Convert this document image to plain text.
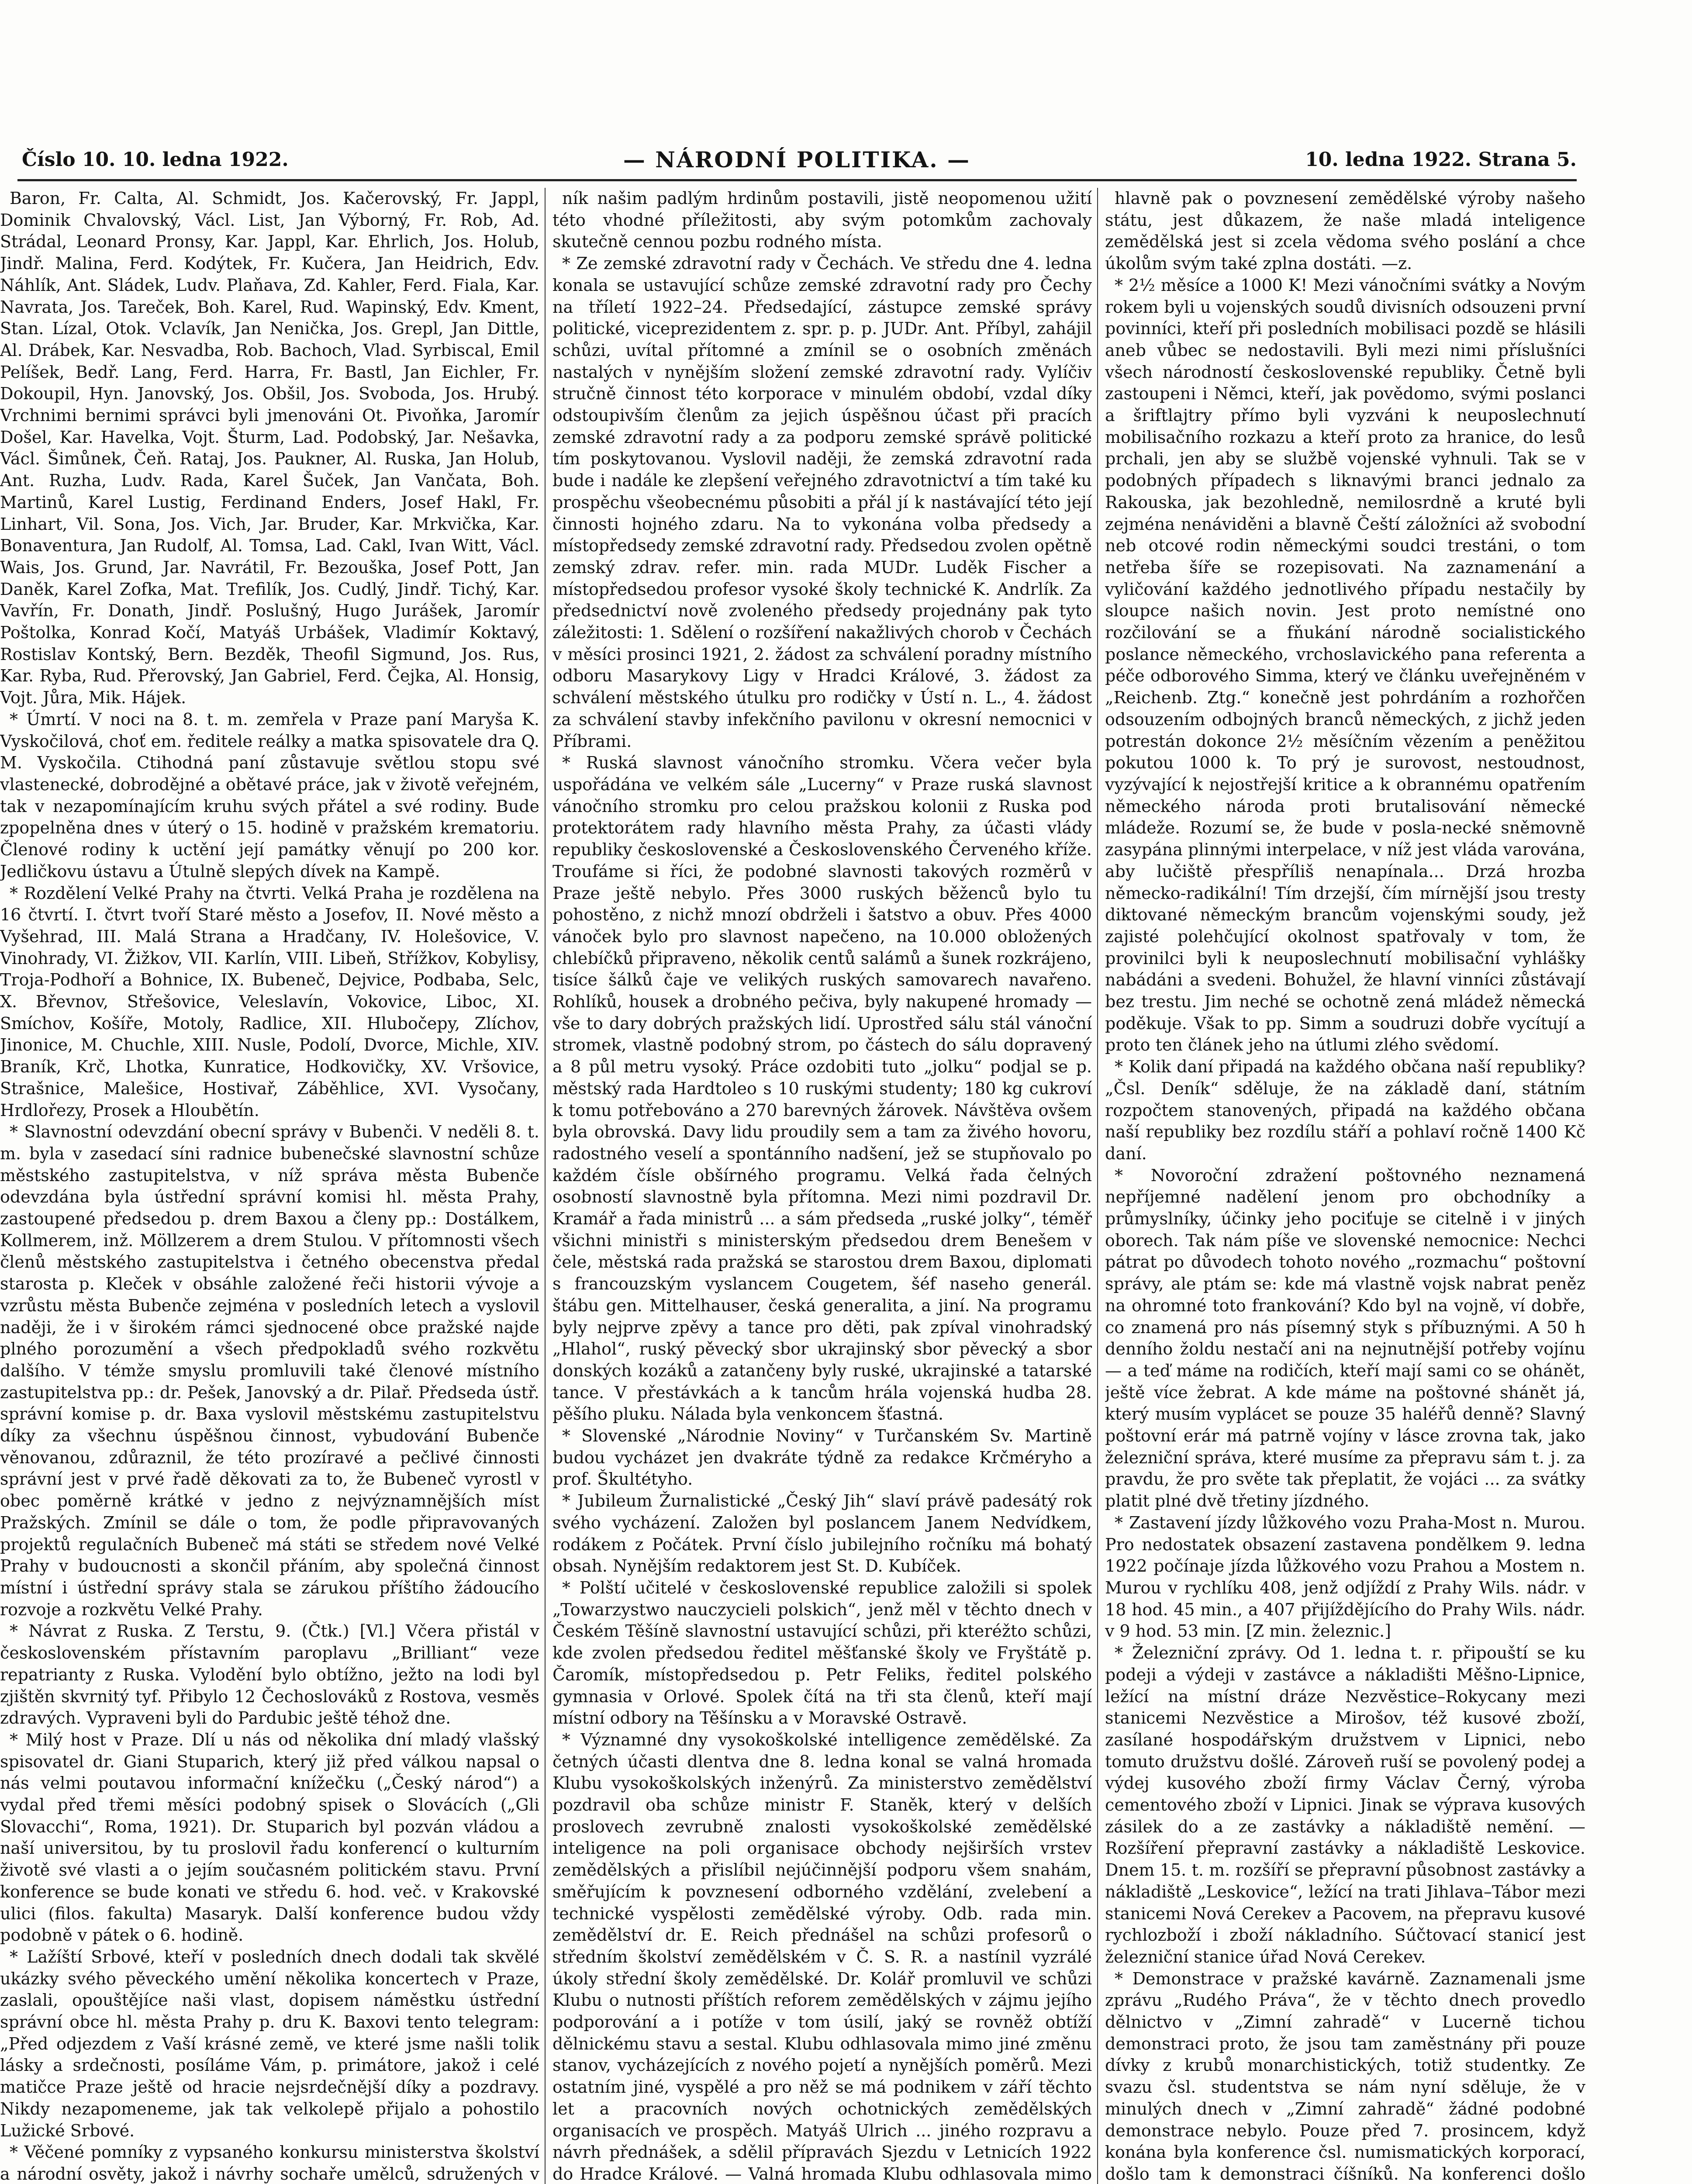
Číslo 10. 10. ledna 1922.	— NÁRODNÍ POLITIKA. —	10. ledna 1922. Strana 5.

Baron, Fr. Calta, Al. Schmidt, Jos. Kačerovský, Fr. Jappl, Dominik Chvalovský, Václ. List, Jan Výborný, Fr. Rob, Ad. Strádal, Leonard Pronsy, Kar. Jappl, Kar. Ehrlich, Jos. Holub, Jindř. Malina, Ferd. Kodýtek, Fr. Kučera, Jan Heidrich, Edv. Náhlík, Ant. Sládek, Ludv. Plaňava, Zd. Kahler, Ferd. Fiala, Kar. Navrata, Jos. Tareček, Boh. Karel, Rud. Wapinský, Edv. Kment, Stan. Lízal, Otok. Vclavík, Jan Nenička, Jos. Grepl, Jan Dittle, Al. Drábek, Kar. Nesvadba, Rob. Bachoch, Vlad. Syrbiscal, Emil Pelíšek, Bedř. Lang, Ferd. Harra, Fr. Bastl, Jan Eichler, Fr. Dokoupil, Hyn. Janovský, Jos. Obšil, Jos. Svoboda, Jos. Hrubý. Vrchnimi bernimi správci byli jmenováni Ot. Pivoňka, Jaromír Došel, Kar. Havelka, Vojt. Šturm, Lad. Podobský, Jar. Nešavka, Václ. Šimůnek, Čeň. Rataj, Jos. Paukner, Al. Ruska, Jan Holub, Ant. Ruzha, Ludv. Rada, Karel Šuček, Jan Vančata, Boh. Martinů, Karel Lustig, Ferdinand Enders, Josef Hakl, Fr. Linhart, Vil. Sona, Jos. Vich, Jar. Bruder, Kar. Mrkvička, Kar. Bonaventura, Jan Rudolf, Al. Tomsa, Lad. Cakl, Ivan Witt, Václ. Wais, Jos. Grund, Jar. Navrátil, Fr. Bezouška, Josef Pott, Jan Daněk, Karel Zofka, Mat. Trefilík, Jos. Cudlý, Jindř. Tichý, Kar. Vavřín, Fr. Donath, Jindř. Poslušný, Hugo Jurášek, Jaromír Poštolka, Konrad Kočí, Matyáš Urbášek, Vladimír Koktavý, Rostislav Kontský, Bern. Bezděk, Theofil Sigmund, Jos. Rus, Kar. Ryba, Rud. Přerovský, Jan Gabriel, Ferd. Čejka, Al. Honsig, Vojt. Jůra, Mik. Hájek.

* Úmrtí. V noci na 8. t. m. zemřela v Praze paní Maryša K. Vyskočilová, choť em. ředitele reálky a matka spisovatele dra Q. M. Vyskočila. Ctihodná paní zůstavuje světlou stopu své vlastenecké, dobrodějné a obětavé práce, jak v životě veřejném, tak v nezapomínajícím kruhu svých přátel a své rodiny. Bude zpopelněna dnes v úterý o 15. hodině v pražském krematoriu. Členové rodiny k uctění její památky věnují po 200 kor. Jedličkovu ústavu a Útulně slepých dívek na Kampě.

* Rozdělení Velké Prahy na čtvrti. Velká Praha je rozdělena na 16 čtvrtí. I. čtvrt tvoří Staré město a Josefov, II. Nové město a Vyšehrad, III. Malá Strana a Hradčany, IV. Holešovice, V. Vinohrady, VI. Žižkov, VII. Karlín, VIII. Libeň, Střížkov, Kobylisy, Troja-Podhoří a Bohnice, IX. Bubeneč, Dejvice, Podbaba, Selc, X. Břevnov, Střešovice, Veleslavín, Vokovice, Liboc, XI. Smíchov, Košíře, Motoly, Radlice, XII. Hlubočepy, Zlíchov, Jinonice, M. Chuchle, XIII. Nusle, Podolí, Dvorce, Michle, XIV. Braník, Krč, Lhotka, Kunratice, Hodkovičky, XV. Vršovice, Strašnice, Malešice, Hostivař, Záběhlice, XVI. Vysočany, Hrdlořezy, Prosek a Hloubětín.

* Slavnostní odevzdání obecní správy v Bubenči. V neděli 8. t. m. byla v zasedací síni radnice bubenečské slavnostní schůze městského zastupitelstva, v níž správa města Bubenče odevzdána byla ústřední správní komisi hl. města Prahy, zastoupené předsedou p. drem Baxou a členy pp.: Dostálkem, Kollmerem, inž. Möllzerem a drem Stulou. V přítomnosti všech členů městského zastupitelstva i četného obecenstva předal starosta p. Kleček v obsáhle založené řeči historii vývoje a vzrůstu města Bubenče zejména v posledních letech a vyslovil naději, že i v širokém rámci sjednocené obce pražské najde plného porozumění a všech předpokladů svého rozkvětu dalšího. V témže smyslu promluvili také členové místního zastupitelstva pp.: dr. Pešek, Janovský a dr. Pilař. Předseda ústř. správní komise p. dr. Baxa vyslovil městskému zastupitelstvu díky za všechnu úspěšnou činnost, vybudování Bubenče věnovanou, zdůraznil, že této prozíravé a pečlivé činnosti správní jest v prvé řadě děkovati za to, že Bubeneč vyrostl v obec poměrně krátké v jedno z nejvýznamnějších míst Pražských. Zmínil se dále o tom, že podle připravovaných projektů regulačních Bubeneč má státi se středem nové Velké Prahy v budoucnosti a skončil přáním, aby společná činnost místní i ústřední správy stala se zárukou příštího žádoucího rozvoje a rozkvětu Velké Prahy.

* Návrat z Ruska. Z Terstu, 9. (Čtk.) [Vl.] Včera přistál v československém přístavním paroplavu „Brilliant“ veze repatrianty z Ruska. Vylodění bylo obtížno, ježto na lodi byl zjištěn skvrnitý tyf. Přibylo 12 Čechoslováků z Rostova, vesměs zdravých. Vypraveni byli do Pardubic ještě téhož dne.

* Milý host v Praze. Dlí u nás od několika dní mladý vlašský spisovatel dr. Giani Stuparich, který již před válkou napsal o nás velmi poutavou informační knížečku („Český národ“) a vydal před třemi měsíci podobný spisek o Slovácích („Gli Slovacchi“, Roma, 1921). Dr. Stuparich byl pozván vládou a naší universitou, by tu proslovil řadu konferencí o kulturním životě své vlasti a o jejím současném politickém stavu. První konference se bude konati ve středu 6. hod. več. v Krakovské ulici (filos. fakulta) Masaryk. Další konference budou vždy podobně v pátek o 6. hodině.

* Lažíští Srbové, kteří v posledních dnech dodali tak skvělé ukázky svého pěveckého umění několika koncertech v Praze, zaslali, opouštějíce naši vlast, dopisem náměstku ústřední správní obce hl. města Prahy p. dru K. Baxovi tento telegram: „Před odjezdem z Vaší krásné země, ve které jsme našli tolik lásky a srdečnosti, posíláme Vám, p. primátore, jakož i celé matičce Praze ještě od hracie nejsrdečnější díky a pozdravy. Nikdy nezapomeneme, jak tak velkolepě přijalo a pohostilo Lužické Srbové.

* Věčené pomníky z vypsaného konkursu ministerstva školství a národní osvěty, jakož i návrhy sochaře umělců, sdružených v

ník našim padlým hrdinům postavili, jistě neopomenou užití této vhodné příležitosti, aby svým potomkům zachovaly skutečně cennou pozbu rodného místa.

* Ze zemské zdravotní rady v Čechách. Ve středu dne 4. ledna konala se ustavující schůze zemské zdravotní rady pro Čechy na tříletí 1922–24. Předsedající, zástupce zemské správy politické, viceprezidentem z. spr. p. p. JUDr. Ant. Příbyl, zahájil schůzi, uvítal přítomné a zmínil se o osobních změnách nastalých v nynějším složení zemské zdravotní rady. Vylíčiv stručně činnost této korporace v minulém období, vzdal díky odstoupivším členům za jejich úspěšnou účast při pracích zemské zdravotní rady a za podporu zemské správě politické tím poskytovanou. Vyslovil naději, že zemská zdravotní rada bude i nadále ke zlepšení veřejného zdravotnictví a tím také ku prospěchu všeobecnému působiti a přál jí k nastávající této její činnosti hojného zdaru. Na to vykonána volba předsedy a místopředsedy zemské zdravotní rady. Předsedou zvolen opětně zemský zdrav. refer. min. rada MUDr. Luděk Fischer a místopředsedou profesor vysoké školy technické K. Andrlík. Za předsednictví nově zvoleného předsedy projednány pak tyto záležitosti: 1. Sdělení o rozšíření nakažlivých chorob v Čechách v měsíci prosinci 1921, 2. žádost za schválení poradny místního odboru Masarykovy Ligy v Hradci Králové, 3. žádost za schválení městského útulku pro rodičky v Ústí n. L., 4. žádost za schválení stavby infekčního pavilonu v okresní nemocnici v Příbrami.

* Ruská slavnost vánočního stromku. Včera večer byla uspořádána ve velkém sále „Lucerny“ v Praze ruská slavnost vánočního stromku pro celou pražskou kolonii z Ruska pod protektorátem rady hlavního města Prahy, za účasti vlády republiky československé a Československého Červeného kříže. Troufáme si říci, že podobné slavnosti takových rozměrů v Praze ještě nebylo. Přes 3000 ruských běženců bylo tu pohostěno, z nichž mnozí obdrželi i šatstvo a obuv. Přes 4000 vánoček bylo pro slavnost napečeno, na 10.000 obložených chlebíčků připraveno, několik centů salámů a šunek rozkrájeno, tisíce šálků čaje ve velikých ruských samovarech navařeno. Rohlíků, housek a drobného pečiva, byly nakupené hromady — vše to dary dobrých pražských lidí. Uprostřed sálu stál vánoční stromek, vlastně podobný strom, po částech do sálu dopravený a 8 půl metru vysoký. Práce ozdobiti tuto „jolku“ podjal se p. městský rada Hardtoleo s 10 ruskými studenty; 180 kg cukroví k tomu potřebováno a 270 barevných žárovek. Návštěva ovšem byla obrovská. Davy lidu proudily sem a tam za živého hovoru, radostného veselí a spontánního nadšení, jež se stupňovalo po každém čísle obšírného programu. Velká řada čelných osobností slavnostně byla přítomna. Mezi nimi pozdravil Dr. Kramář a řada ministrů ... a sám předseda „ruské jolky“, téměř všichni ministři s ministerským předsedou drem Benešem v čele, městská rada pražská se starostou drem Baxou, diplomati s francouzským vyslancem Cougetem, šéf naseho generál. štábu gen. Mittelhauser, česká generalita, a jiní. Na programu byly nejprve zpěvy a tance pro děti, pak zpíval vinohradský „Hlahol“, ruský pěvecký sbor ukrajinský sbor pěvecký a sbor donských kozáků a zatančeny byly ruské, ukrajinské a tatarské tance. V přestávkách a k tancům hrála vojenská hudba 28. pěšího pluku. Nálada byla venkoncem šťastná.

* Slovenské „Národnie Noviny“ v Turčanském Sv. Martině budou vycházet jen dvakráte týdně za redakce Krčméryho a prof. Škultétyho.

* Jubileum Žurnalistické „Český Jih“ slaví právě padesátý rok svého vycházení. Založen byl poslancem Janem Nedvídkem, rodákem z Počátek. První číslo jubilejního ročníku má bohatý obsah. Nynějším redaktorem jest St. D. Kubíček.

* Polští učitelé v československé republice založili si spolek „Towarzystwo nauczycieli polskich“, jenž měl v těchto dnech v Českém Těšíně slavnostní ustavující schůzi, při kteréžto schůzi, kde zvolen předsedou ředitel měšťanské školy ve Fryštátě p. Čaromík, místopředsedou p. Petr Feliks, ředitel polského gymnasia v Orlové. Spolek čítá na tři sta členů, kteří mají místní odbory na Těšínsku a v Moravské Ostravě.

* Významné dny vysokoškolské intelligence zemědělské. Za četných účasti dlentva dne 8. ledna konal se valná hromada Klubu vysokoškolských inženýrů. Za ministerstvo zemědělství pozdravil oba schůze ministr F. Staněk, který v delších proslovech zevrubně znalosti vysokoškolské zemědělské inteligence na poli organisace obchody nejširších vrstev zemědělských a přislíbil nejúčinnější podporu všem snahám, směřujícím k povznesení odborného vzdělání, zvelebení a technické vyspělosti zemědělské výroby. Odb. rada min. zemědělství dr. E. Reich přednášel na schůzi profesorů o středním školství zemědělském v Č. S. R. a nastínil vyzrálé úkoly střední školy zemědělské. Dr. Kolář promluvil ve schůzi Klubu o nutnosti příštích reforem zemědělských v zájmu jejího podporování a i potíže v tom úsilí, jaký se rovněž obtíží dělnickému stavu a sestal. Klubu odhlasovala mimo jiné změnu stanov, vycházejících z nového pojetí a nynějších poměrů. Mezi ostatním jiné, vyspělé a pro něž se má podnikem v září těchto let a pracovních nových ochotnických zemědělských organisacích ve prospěch. Matyáš Ulrich ... jiného rozpravu a návrh přednášek, a sdělil přípravách Sjezdu v Letnicích 1922 do Hradce Králové. — Valná hromada Klubu odhlasovala mimo

hlavně pak o povznesení zemědělské výroby našeho státu, jest důkazem, že naše mladá inteligence zemědělská jest si zcela vědoma svého poslání a chce úkolům svým také zplna dostáti. —z.

* 2½ měsíce a 1000 K! Mezi vánočními svátky a Novým rokem byli u vojenských soudů divisních odsouzeni první povinníci, kteří při posledních mobilisaci pozdě se hlásili aneb vůbec se nedostavili. Byli mezi nimi příslušníci všech národností československé republiky. Četně byli zastoupeni i Němci, kteří, jak povědomo, svými poslanci a šriftlajtry přímo byli vyzváni k neuposlechnutí mobilisačního rozkazu a kteří proto za hranice, do lesů prchali, jen aby se službě vojenské vyhnuli. Tak se v podobných případech s liknavými branci jednalo za Rakouska, jak bezohledně, nemilosrdně a kruté byli zejména nenáviděni a blavně Čeští záložníci až svobodní neb otcové rodin německými soudci trestáni, o tom netřeba šíře se rozepisovati. Na zaznamenání a vyličování každého jednotlivého případu nestačily by sloupce našich novin. Jest proto nemístné ono rozčilování se a fňukání národně socialistického poslance německého, vrchoslavického pana referenta a péče odborového Simma, který ve článku uveřejněném v „Reichenb. Ztg.“ konečně jest pohrdáním a rozhořčen odsouzením odbojných branců německých, z jichž jeden potrestán dokonce 2½ měsíčním vězením a peněžitou pokutou 1000 k. To prý je surovost, nestoudnost, vyzývající k nejostřejší kritice a k obrannému opatřením německého národa proti brutalisování německé mládeže. Rozumí se, že bude v posla-necké sněmovně zasypána plinnými interpelace, v níž jest vláda varována, aby lučiště přespříliš nenapínala... Drzá hrozba německo-radikální! Tím drzejší, čím mírnější jsou tresty diktované německým brancům vojenskými soudy, jež zajisté polehčující okolnost spatřovaly v tom, že provinilci byli k neuposlechnutí mobilisační vyhlášky nabádáni a svedeni. Bohužel, že hlavní vinníci zůstávají bez trestu. Jim neché se ochotně zená mládež německá poděkuje. Však to pp. Simm a soudruzi dobře vycítují a proto ten článek jeho na útlumi zlého svědomí.

* Kolik daní připadá na každého občana naší republiky? „Čsl. Deník“ sděluje, že na základě daní, státním rozpočtem stanovených, připadá na každého občana naší republiky bez rozdílu stáří a pohlaví ročně 1400 Kč daní.

* Novoroční zdražení poštovného neznamená nepříjemné nadělení jenom pro obchodníky a průmyslníky, účinky jeho pociťuje se citelně i v jiných oborech. Tak nám píše ve slovenské nemocnice: Nechci pátrat po důvodech tohoto nového „rozmachu“ poštovní správy, ale ptám se: kde má vlastně vojsk nabrat peněz na ohromné toto frankování? Kdo byl na vojně, ví dobře, co znamená pro nás písemný styk s příbuznými. A 50 h denního žoldu nestačí ani na nejnutnější potřeby vojínu — a teď máme na rodičích, kteří mají sami co se ohánět, ještě více žebrat. A kde máme na poštovné shánět já, který musím vyplácet se pouze 35 haléřů denně? Slavný poštovní erár má patrně vojíny v lásce zrovna tak, jako železniční správa, které musíme za přepravu sám t. j. za pravdu, že pro světe tak přeplatit, že vojáci ... za svátky platit plné dvě třetiny jízdného.

* Zastavení jízdy lůžkového vozu Praha-Most n. Murou. Pro nedostatek obsazení zastavena pondělkem 9. ledna 1922 počínaje jízda lůžkového vozu Prahou a Mostem n. Murou v rychlíku 408, jenž odjíždí z Prahy Wils. nádr. v 18 hod. 45 min., a 407 přijíždějícího do Prahy Wils. nádr. v 9 hod. 53 min. [Z min. železnic.]

* Železniční zprávy. Od 1. ledna t. r. připouští se ku podeji a výdeji v zastávce a nákladišti Měšno-Lipnice, ležící na místní dráze Nezvěstice–Rokycany mezi stanicemi Nezvěstice a Mirošov, též kusové zboží, zasílané hospodářským družstvem v Lipnici, nebo tomuto družstvu došlé. Zároveň ruší se povolený podej a výdej kusového zboží firmy Václav Černý, výroba cementového zboží v Lipnici. Jinak se výprava kusových zásilek do a ze zastávky a nákladiště nemění. — Rozšíření přepravní zastávky a nákladiště Leskovice. Dnem 15. t. m. rozšíří se přepravní působnost zastávky a nákladiště „Leskovice“, ležící na trati Jihlava–Tábor mezi stanicemi Nová Cerekev a Pacovem, na přepravu kusové rychlozboží i zboží nákladního. Súčtovací stanicí jest železniční stanice úřad Nová Cerekev.

* Demonstrace v pražské kavárně. Zaznamenali jsme zprávu „Rudého Práva“, že v těchto dnech provedlo dělnictvo v „Zimní zahradě“ v Lucerně tichou demonstraci proto, že jsou tam zaměstnány při pouze dívky z krubů monarchistických, totiž studentky. Ze svazu čsl. studentstva se nám nyní sděluje, že v minulých dnech v „Zimní zahradě“ žádné podobné demonstrace nebylo. Pouze před 7. prosincem, když konána byla konference čsl. numismatických korporací, došlo tam k demonstraci číšníků. Na konferenci došlo
